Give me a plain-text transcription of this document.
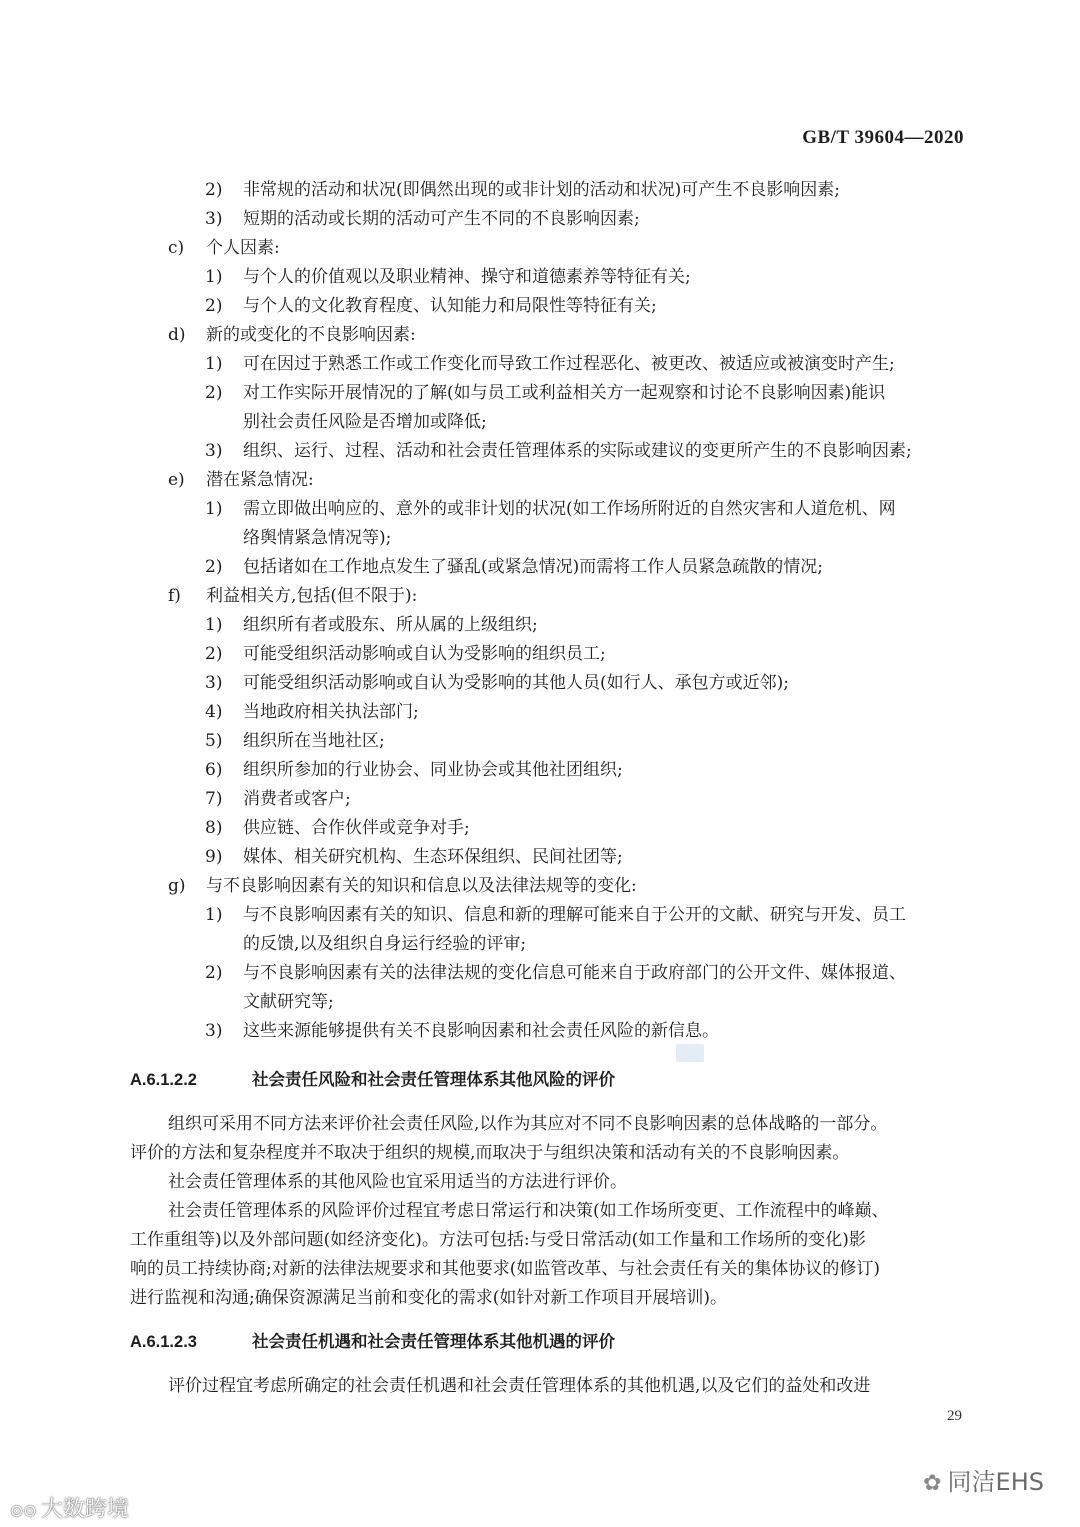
GB/T 39604—2020
2) 非常规的活动和状况(即偶然出现的或非计划的活动和状况)可产生不良影响因素;
3) 短期的活动或长期的活动可产生不同的不良影响因素;
c) 个人因素:
1) 与个人的价值观以及职业精神、操守和道德素养等特征有关;
2) 与个人的文化教育程度、认知能力和局限性等特征有关;
d) 新的或变化的不良影响因素:
1) 可在因过于熟悉工作或工作变化而导致工作过程恶化、被更改、被适应或被演变时产生;
2) 对工作实际开展情况的了解(如与员工或利益相关方一起观察和讨论不良影响因素)能识
别社会责任风险是否增加或降低;
3) 组织、运行、过程、活动和社会责任管理体系的实际或建议的变更所产生的不良影响因素;
e) 潜在紧急情况:
1) 需立即做出响应的、意外的或非计划的状况(如工作场所附近的自然灾害和人道危机、网
络舆情紧急情况等);
2) 包括诸如在工作地点发生了骚乱(或紧急情况)而需将工作人员紧急疏散的情况;
f) 利益相关方,包括(但不限于):
1) 组织所有者或股东、所从属的上级组织;
2) 可能受组织活动影响或自认为受影响的组织员工;
3) 可能受组织活动影响或自认为受影响的其他人员(如行人、承包方或近邻);
4) 当地政府相关执法部门;
5) 组织所在当地社区;
6) 组织所参加的行业协会、同业协会或其他社团组织;
7) 消费者或客户;
8) 供应链、合作伙伴或竞争对手;
9) 媒体、相关研究机构、生态环保组织、民间社团等;
g) 与不良影响因素有关的知识和信息以及法律法规等的变化:
1) 与不良影响因素有关的知识、信息和新的理解可能来自于公开的文献、研究与开发、员工
的反馈,以及组织自身运行经验的评审;
2) 与不良影响因素有关的法律法规的变化信息可能来自于政府部门的公开文件、媒体报道、
文献研究等;
3) 这些来源能够提供有关不良影响因素和社会责任风险的新信息。
A.6.1.2.2	社会责任风险和社会责任管理体系其他风险的评价
组织可采用不同方法来评价社会责任风险,以作为其应对不同不良影响因素的总体战略的一部分。
评价的方法和复杂程度并不取决于组织的规模,而取决于与组织决策和活动有关的不良影响因素。
社会责任管理体系的其他风险也宜采用适当的方法进行评价。
社会责任管理体系的风险评价过程宜考虑日常运行和决策(如工作场所变更、工作流程中的峰巅、
工作重组等)以及外部问题(如经济变化)。方法可包括:与受日常活动(如工作量和工作场所的变化)影
响的员工持续协商;对新的法律法规要求和其他要求(如监管改革、与社会责任有关的集体协议的修订)
进行监视和沟通;确保资源满足当前和变化的需求(如针对新工作项目开展培训)。
A.6.1.2.3	社会责任机遇和社会责任管理体系其他机遇的评价
评价过程宜考虑所确定的社会责任机遇和社会责任管理体系的其他机遇,以及它们的益处和改进
29
⊙⊙ 大数跨境
✿ 同洁EHS
